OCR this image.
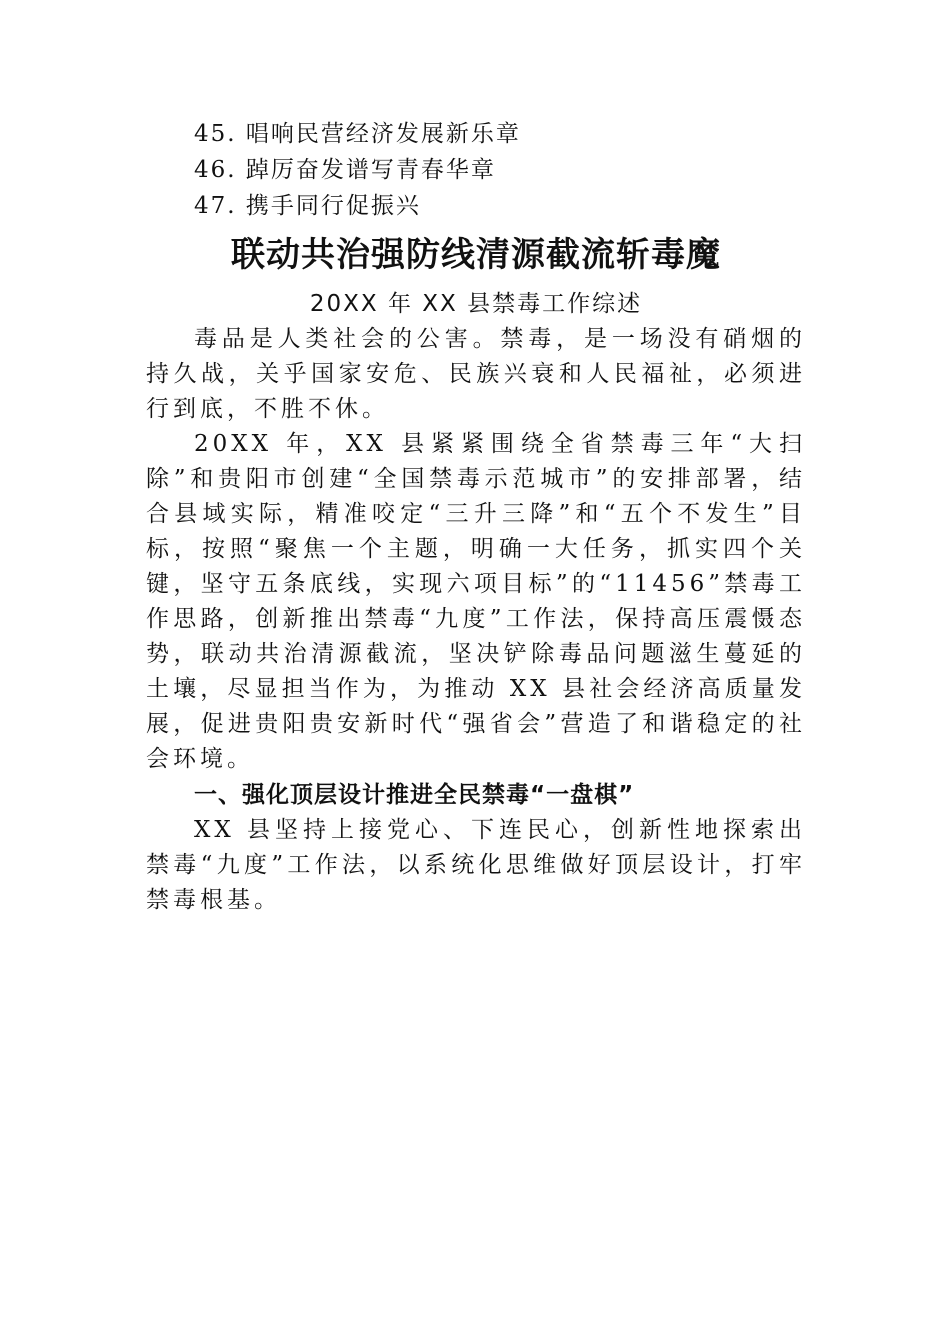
45. 唱响民营经济发展新乐章
46. 踔厉奋发谱写青春华章
47. 携手同行促振兴
联动共治强防线清源截流斩毒魔
20XX 年 XX 县禁毒工作综述

毒品是人类社会的公害。禁毒，是一场没有硝烟的持久战，关乎国家安危、民族兴衰和人民福祉，必须进行到底，不胜不休。

20XX 年，XX 县紧紧围绕全省禁毒三年“大扫除”和贵阳市创建“全国禁毒示范城市”的安排部署，结合县域实际，精准咬定“三升三降”和“五个不发生”目标，按照“聚焦一个主题，明确一大任务，抓实四个关键，坚守五条底线，实现六项目标”的“11456”禁毒工作思路，创新推出禁毒“九度”工作法，保持高压震慑态势，联动共治清源截流，坚决铲除毒品问题滋生蔓延的土壤，尽显担当作为，为推动 XX 县社会经济高质量发展，促进贵阳贵安新时代“强省会”营造了和谐稳定的社会环境。

一、强化顶层设计推进全民禁毒“一盘棋”

XX 县坚持上接党心、下连民心，创新性地探索出禁毒“九度”工作法，以系统化思维做好顶层设计，打牢禁毒根基。
